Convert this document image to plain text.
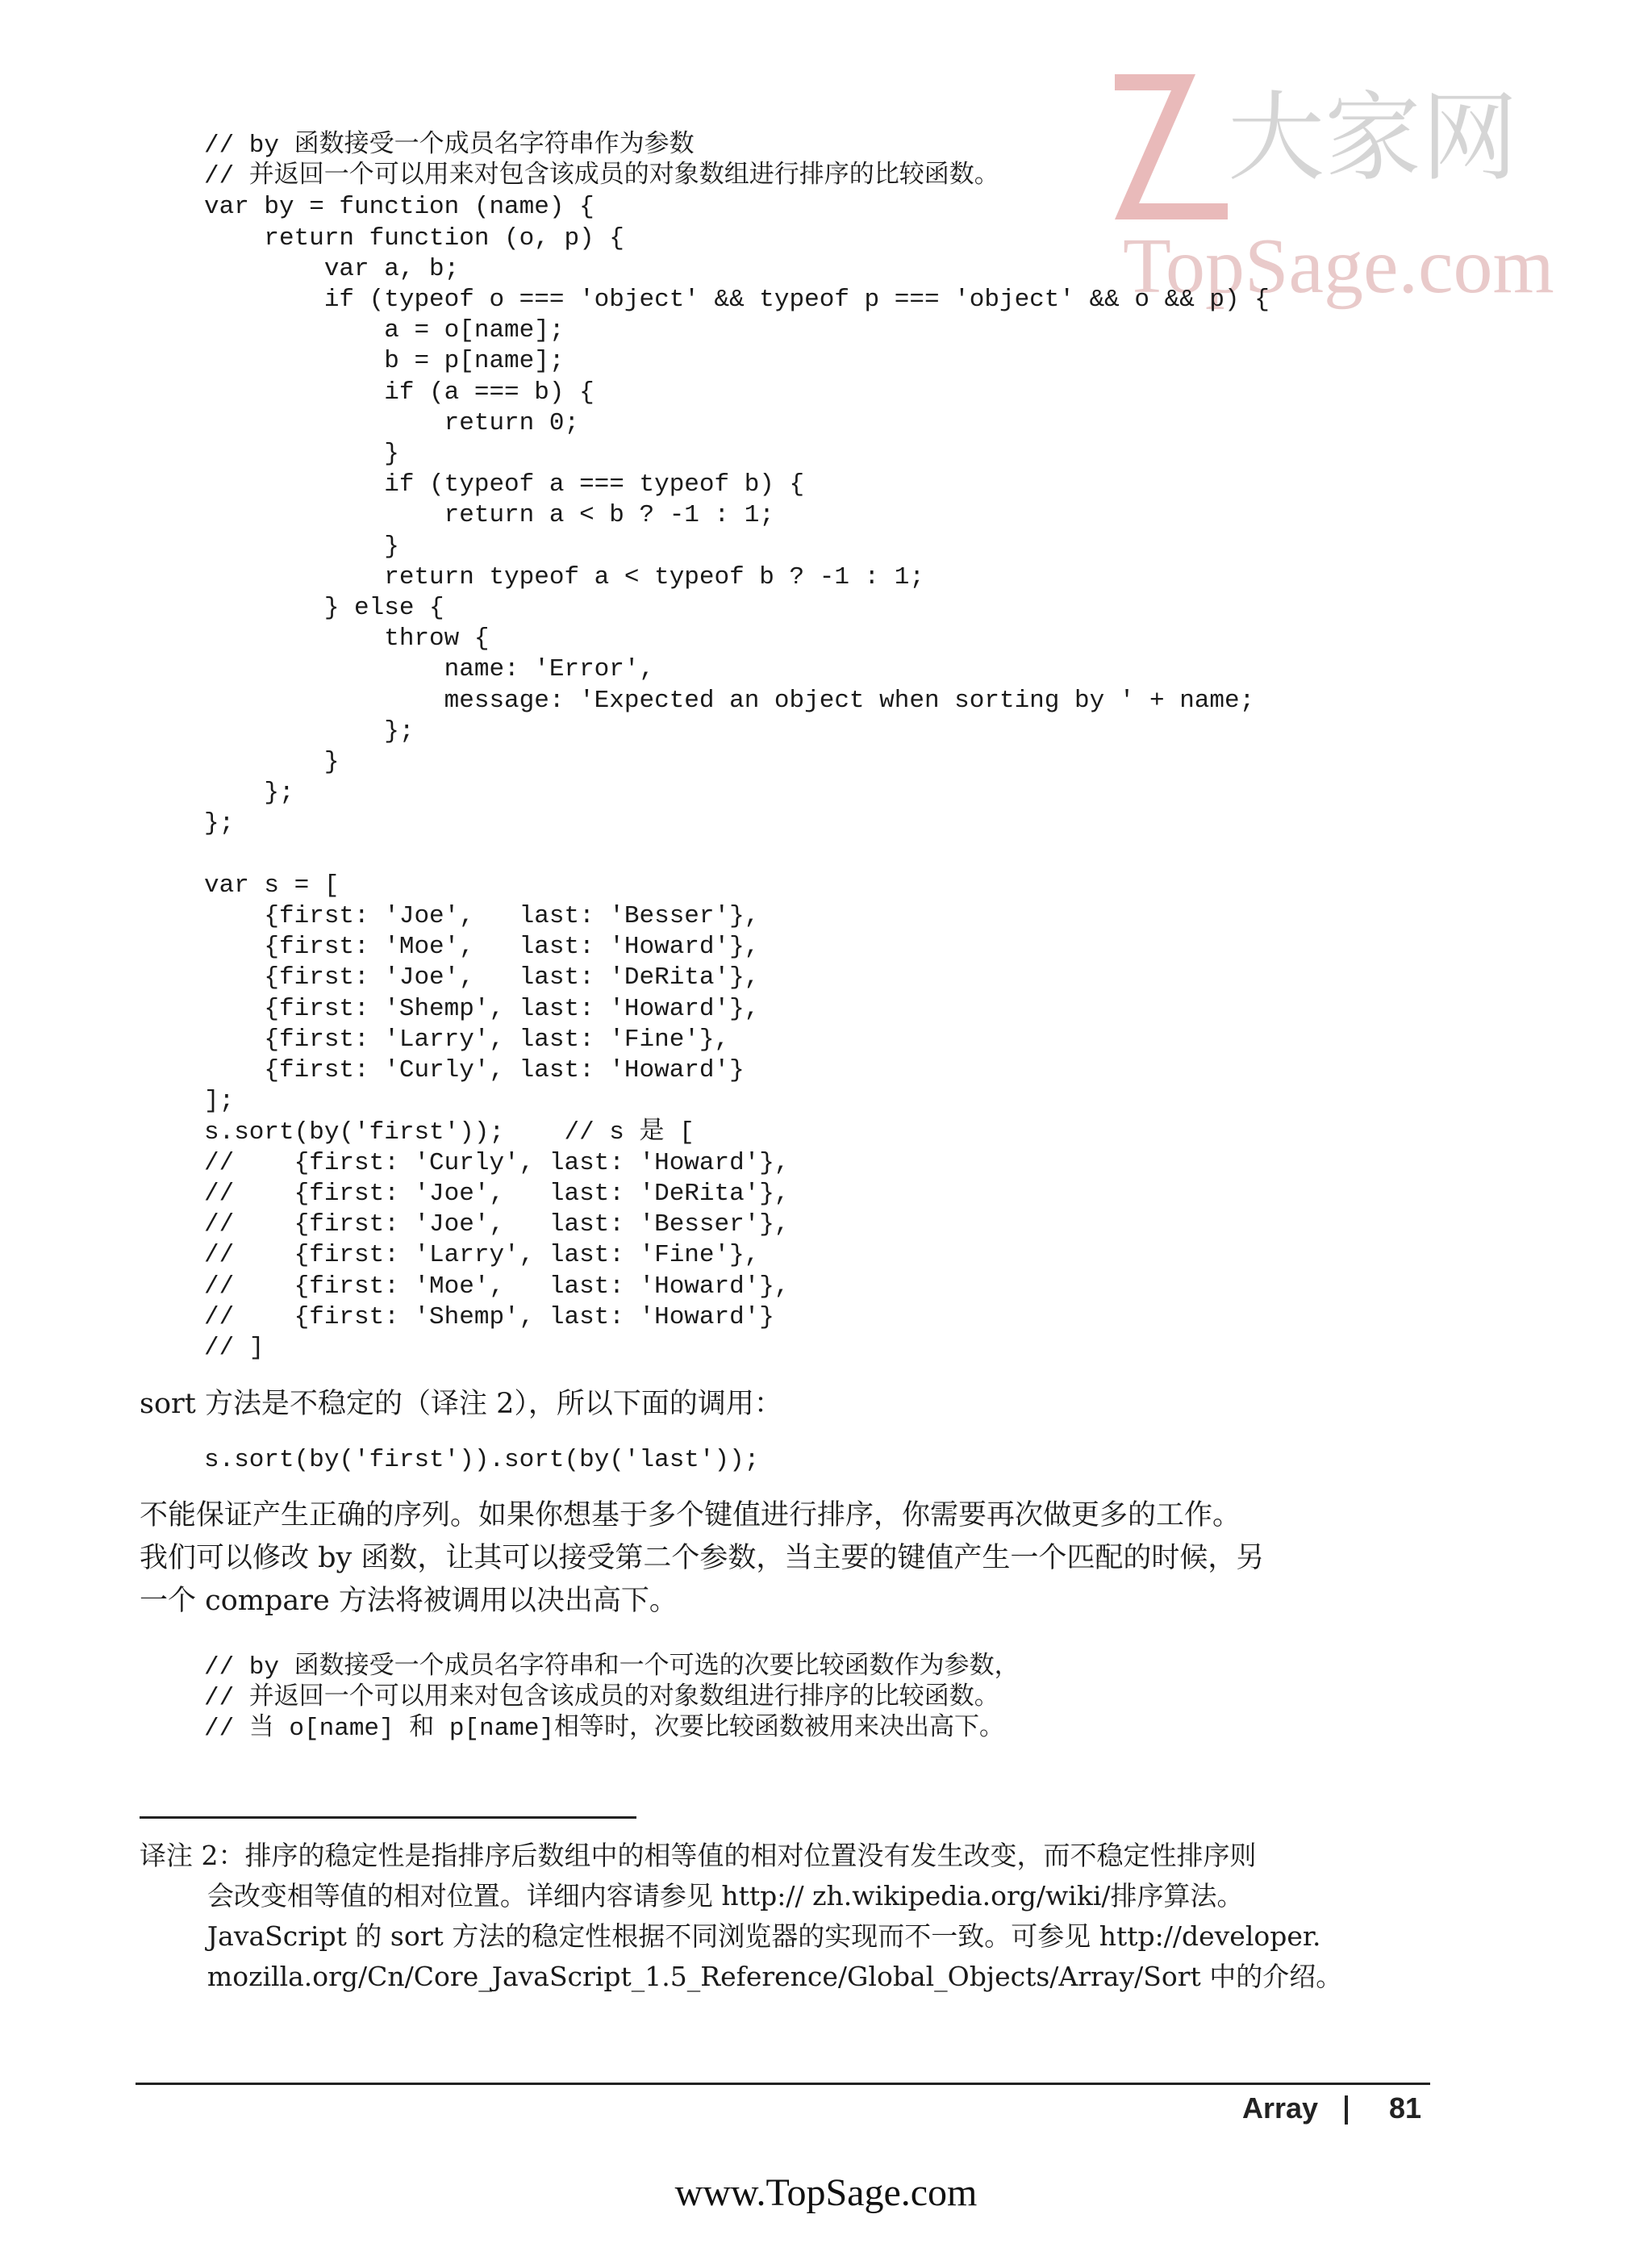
大家网
TopSage.com
// by 函数接受一个成员名字符串作为参数
// 并返回一个可以用来对包含该成员的对象数组进行排序的比较函数。
var by = function (name) {
return function (o, p) {
var a, b;
if (typeof o === 'object' && typeof p === 'object' && o && p) {
a = o[name];
b = p[name];
if (a === b) {
return 0;
}
if (typeof a === typeof b) {
return a < b ? -1 : 1;
}
return typeof a < typeof b ? -1 : 1;
} else {
throw {
name: 'Error',
message: 'Expected an object when sorting by ' + name;
};
}
};
};

var s = [
{first: 'Joe',   last: 'Besser'},
{first: 'Moe',   last: 'Howard'},
{first: 'Joe',   last: 'DeRita'},
{first: 'Shemp', last: 'Howard'},
{first: 'Larry', last: 'Fine'},
{first: 'Curly', last: 'Howard'}
];
s.sort(by('first'));    // s 是 [
//    {first: 'Curly', last: 'Howard'},
//    {first: 'Joe',   last: 'DeRita'},
//    {first: 'Joe',   last: 'Besser'},
//    {first: 'Larry', last: 'Fine'},
//    {first: 'Moe',   last: 'Howard'},
//    {first: 'Shemp', last: 'Howard'}
// ]
sort 方法是不稳定的（译注 2），所以下面的调用：
s.sort(by('first')).sort(by('last'));
不能保证产生正确的序列。如果你想基于多个键值进行排序，你需要再次做更多的工作。
我们可以修改 by 函数，让其可以接受第二个参数，当主要的键值产生一个匹配的时候，另
一个 compare 方法将被调用以决出高下。
// by 函数接受一个成员名字符串和一个可选的次要比较函数作为参数，
// 并返回一个可以用来对包含该成员的对象数组进行排序的比较函数。
// 当 o[name] 和 p[name]相等时，次要比较函数被用来决出高下。
译注 2：排序的稳定性是指排序后数组中的相等值的相对位置没有发生改变，而不稳定性排序则
会改变相等值的相对位置。详细内容请参见 http:// zh.wikipedia.org/wiki/排序算法。
JavaScript 的 sort 方法的稳定性根据不同浏览器的实现而不一致。可参见 http://developer.
mozilla.org/Cn/Core_JavaScript_1.5_Reference/Global_Objects/Array/Sort 中的介绍。
Array 81
www.TopSage.com
